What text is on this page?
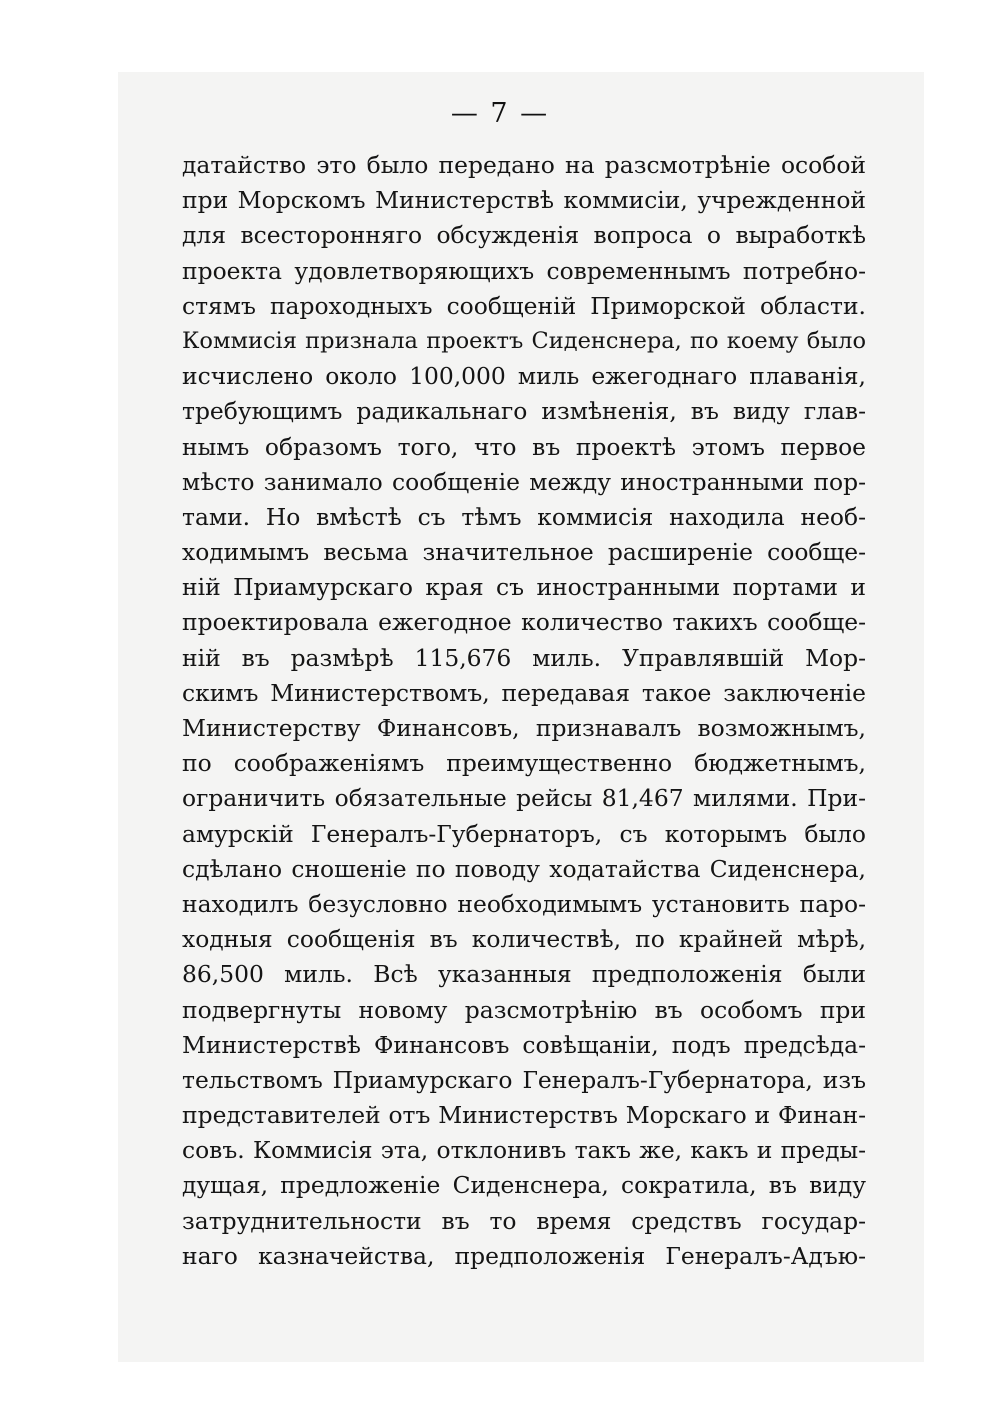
— 7 —
датайство это было передано на разсмотрѣніе особой
при Морскомъ Министерствѣ коммисіи, учрежденной
для всесторонняго обсужденія вопроса о выработкѣ
проекта удовлетворяющихъ современнымъ потребно-
стямъ пароходныхъ сообщеній Приморской области.
Коммисія признала проектъ Сиденснера, по коему было
исчислено около 100,000 миль ежегоднаго плаванія,
требующимъ радикальнаго измѣненія, въ виду глав-
нымъ образомъ того, что въ проектѣ этомъ первое
мѣсто занимало сообщеніе между иностранными пор-
тами. Но вмѣстѣ съ тѣмъ коммисія находила необ-
ходимымъ весьма значительное расширеніе сообще-
ній Приамурскаго края съ иностранными портами и
проектировала ежегодное количество такихъ сообще-
ній въ размѣрѣ 115,676 миль. Управлявшій Мор-
скимъ Министерствомъ, передавая такое заключеніе
Министерству Финансовъ, признавалъ возможнымъ,
по соображеніямъ преимущественно бюджетнымъ,
ограничить обязательные рейсы 81,467 милями. При-
амурскій Генералъ-Губернаторъ, съ которымъ было
сдѣлано сношеніе по поводу ходатайства Сиденснера,
находилъ безусловно необходимымъ установить паро-
ходныя сообщенія въ количествѣ, по крайней мѣрѣ,
86,500 миль. Всѣ указанныя предположенія были
подвергнуты новому разсмотрѣнію въ особомъ при
Министерствѣ Финансовъ совѣщаніи, подъ предсѣда-
тельствомъ Приамурскаго Генералъ-Губернатора, изъ
представителей отъ Министерствъ Морскаго и Финан-
совъ. Коммисія эта, отклонивъ такъ же, какъ и преды-
дущая, предложеніе Сиденснера, сократила, въ виду
затруднительности въ то время средствъ государ-
наго казначейства, предположенія Генералъ-Адъю-
